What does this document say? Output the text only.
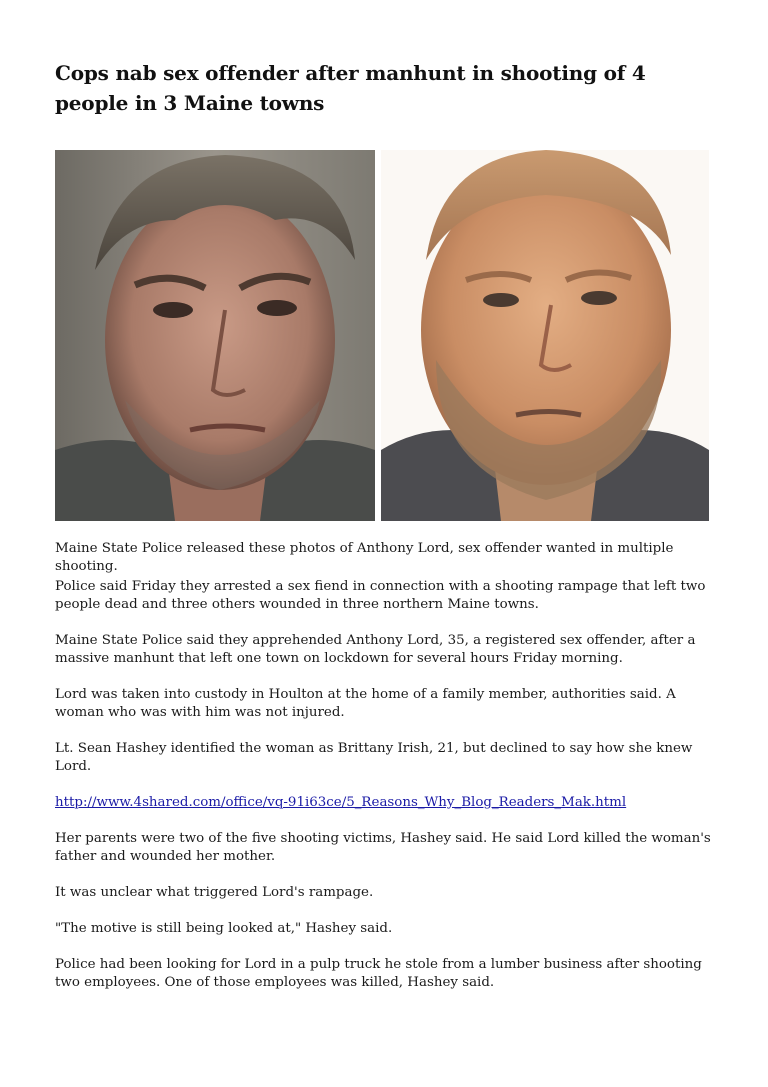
Cops nab sex offender after manhunt in shooting of 4 people in 3 Maine towns

Maine State Police released these photos of Anthony Lord, sex offender wanted in multiple shooting.

Police said Friday they arrested a sex fiend in connection with a shooting rampage that left two people dead and three others wounded in three northern Maine towns.

Maine State Police said they apprehended Anthony Lord, 35, a registered sex offender, after a massive manhunt that left one town on lockdown for several hours Friday morning.

Lord was taken into custody in Houlton at the home of a family member, authorities said. A woman who was with him was not injured.

Lt. Sean Hashey identified the woman as Brittany Irish, 21, but declined to say how she knew Lord.

http://www.4shared.com/office/vq-91i63ce/5_Reasons_Why_Blog_Readers_Mak.html

Her parents were two of the five shooting victims, Hashey said. He said Lord killed the woman's father and wounded her mother.

It was unclear what triggered Lord's rampage.

"The motive is still being looked at," Hashey said.

Police had been looking for Lord in a pulp truck he stole from a lumber business after shooting two employees. One of those employees was killed, Hashey said.
